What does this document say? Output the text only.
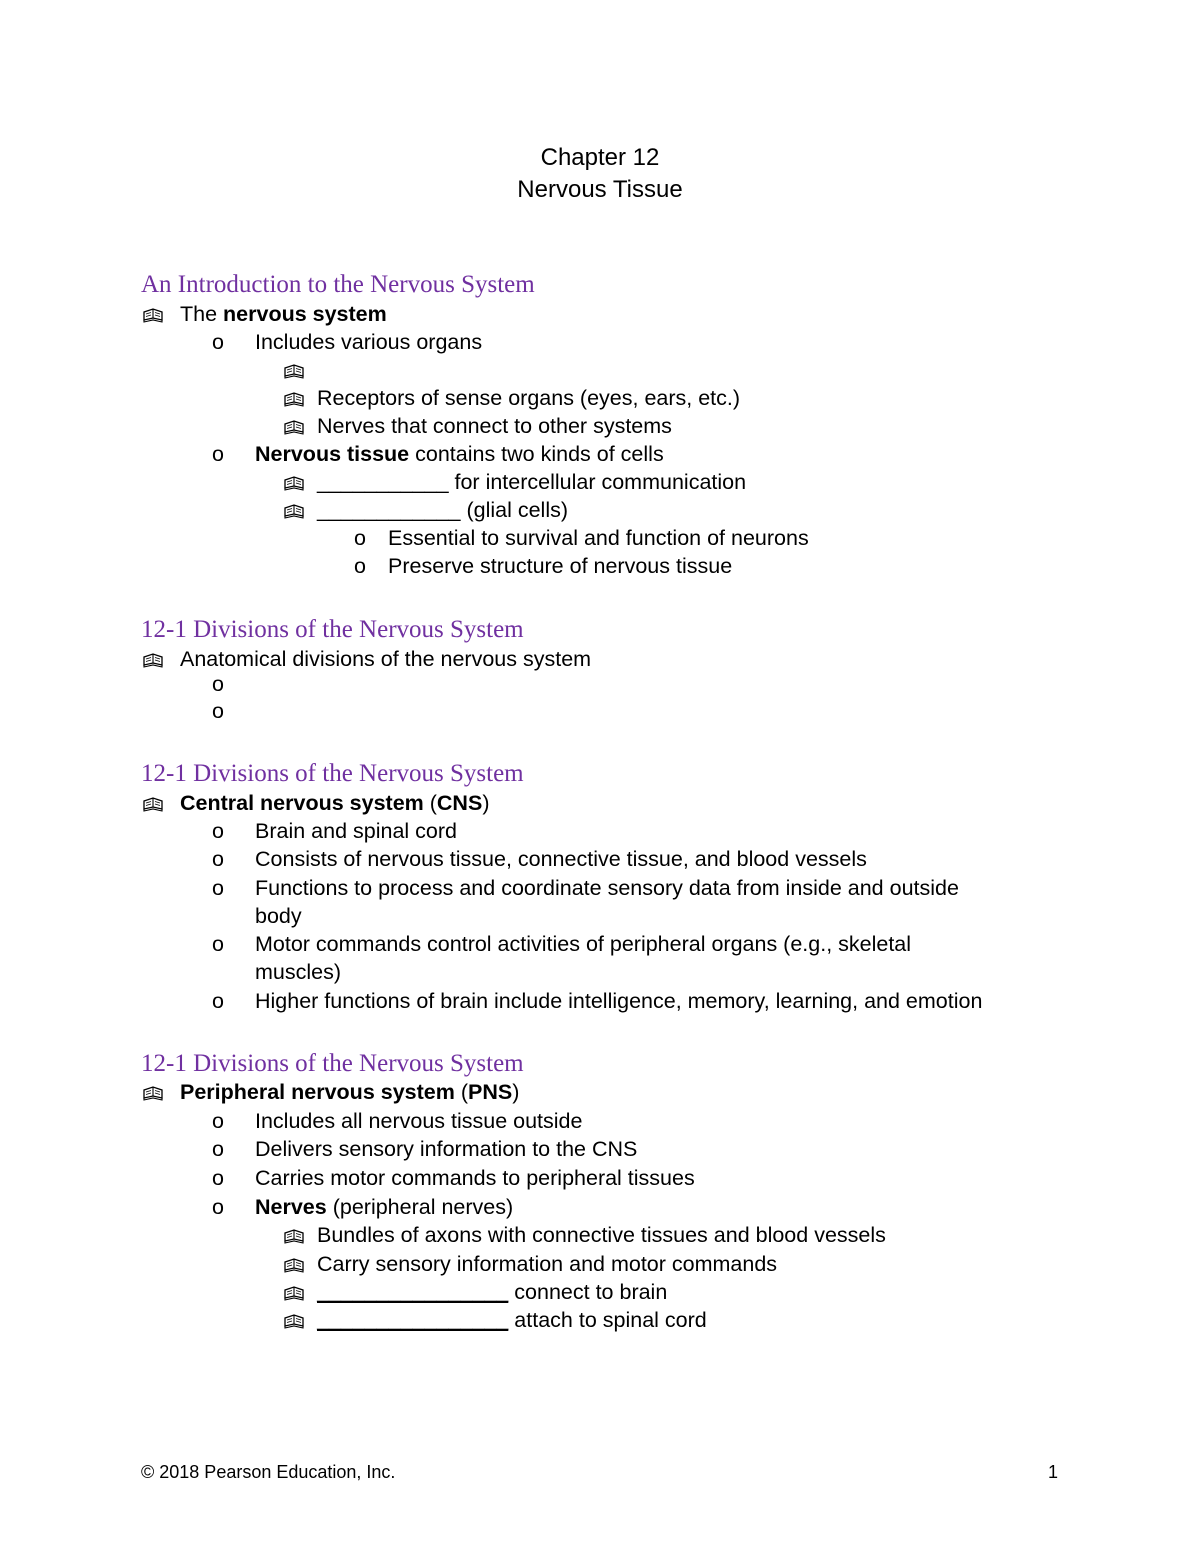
Chapter 12
Nervous Tissue
An Introduction to the Nervous System
The nervous system
o Includes various organs
Receptors of sense organs (eyes, ears, etc.)
Nerves that connect to other systems
o Nervous tissue contains two kinds of cells
___________ for intercellular communication
____________ (glial cells)
o Essential to survival and function of neurons
o Preserve structure of nervous tissue
12-1 Divisions of the Nervous System
Anatomical divisions of the nervous system
o
o
12-1 Divisions of the Nervous System
Central nervous system (CNS)
o Brain and spinal cord
o Consists of nervous tissue, connective tissue, and blood vessels
o Functions to process and coordinate sensory data from inside and outside
body
o Motor commands control activities of peripheral organs (e.g., skeletal
muscles)
o Higher functions of brain include intelligence, memory, learning, and emotion
12-1 Divisions of the Nervous System
Peripheral nervous system (PNS)
o Includes all nervous tissue outside
o Delivers sensory information to the CNS
o Carries motor commands to peripheral tissues
o Nerves (peripheral nerves)
Bundles of axons with connective tissues and blood vessels
Carry sensory information and motor commands
________________ connect to brain
________________ attach to spinal cord
© 2018 Pearson Education, Inc.	1
